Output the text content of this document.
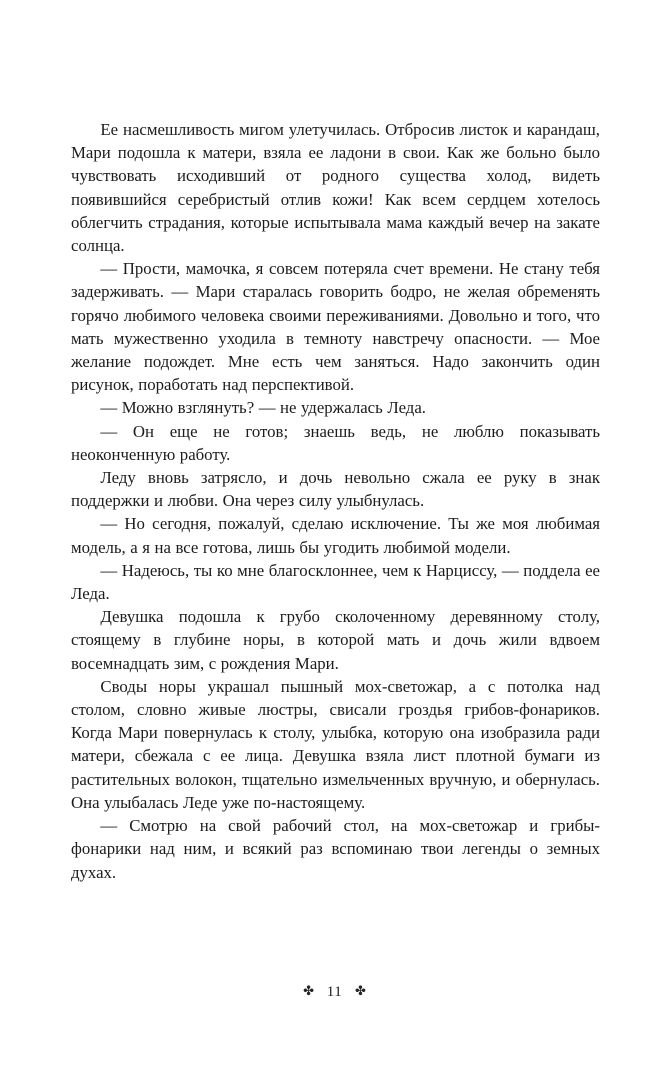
Ее насмешливость мигом улетучилась. Отбросив листок и карандаш, Мари подошла к матери, взяла ее ладони в свои. Как же больно было чувствовать исходивший от родного существа холод, видеть появившийся серебристый отлив кожи! Как всем сердцем хотелось облегчить страдания, которые испытывала мама каждый вечер на закате солнца.

— Прости, мамочка, я совсем потеряла счет времени. Не стану тебя задерживать. — Мари старалась говорить бодро, не желая обременять горячо любимого человека своими переживаниями. Довольно и того, что мать мужественно уходила в темноту навстречу опасности. — Мое желание подождет. Мне есть чем заняться. Надо закончить один рисунок, поработать над перспективой.

— Можно взглянуть? — не удержалась Леда.

— Он еще не готов; знаешь ведь, не люблю показывать неоконченную работу.

Леду вновь затрясло, и дочь невольно сжала ее руку в знак поддержки и любви. Она через силу улыбнулась.

— Но сегодня, пожалуй, сделаю исключение. Ты же моя любимая модель, а я на все готова, лишь бы угодить любимой модели.

— Надеюсь, ты ко мне благосклоннее, чем к Нарциссу, — поддела ее Леда.

Девушка подошла к грубо сколоченному деревянному столу, стоящему в глубине норы, в которой мать и дочь жили вдвоем восемнадцать зим, с рождения Мари.

Своды норы украшал пышный мох-светожар, а с потолка над столом, словно живые люстры, свисали гроздья грибов-фонариков. Когда Мари повернулась к столу, улыбка, которую она изобразила ради матери, сбежала с ее лица. Девушка взяла лист плотной бумаги из растительных волокон, тщательно измельченных вручную, и обернулась. Она улыбалась Леде уже по-настоящему.

— Смотрю на свой рабочий стол, на мох-светожар и грибы-фонарики над ним, и всякий раз вспоминаю твои легенды о земных духах.

✤ 11 ✤
